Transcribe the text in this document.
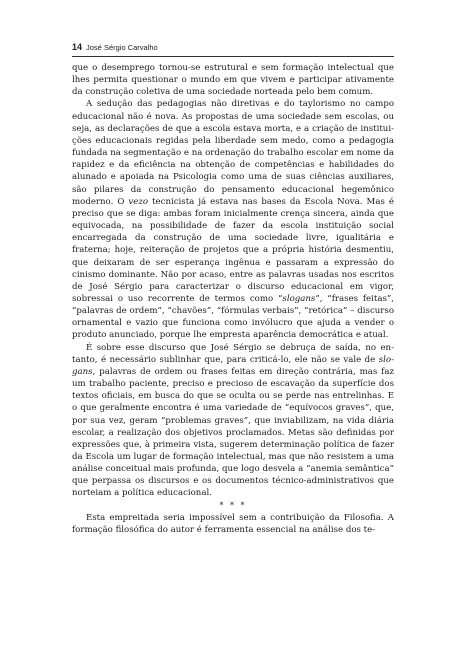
14 José Sérgio Carvalho

que o desemprego tornou-se estrutural e sem formação intelectual que lhes permita questionar o mundo em que vivem e participar ativamente da construção coletiva de uma sociedade norteada pelo bem comum.

A sedução das pedagogias não diretivas e do taylorismo no campo educacional não é nova. As propostas de uma sociedade sem escolas, ou seja, as declarações de que a escola estava morta, e a criação de instituições educacionais regidas pela liberdade sem medo, como a pedagogia fundada na segmentação e na ordenação do trabalho escolar em nome da rapidez e da eficiência na obtenção de competências e habilidades do alunado e apoiada na Psicologia como uma de suas ciências auxiliares, são pilares da construção do pensamento educacional hegemônico moderno. O vezo tecnicista já estava nas bases da Escola Nova. Mas é preciso que se diga: ambas foram inicialmente crença sincera, ainda que equivocada, na possibilidade de fazer da escola instituição social encarregada da construção de uma sociedade livre, igualitária e fraterna; hoje, reiteração de projetos que a própria história desmentiu, que deixaram de ser esperança ingênua e passaram a expressão do cinismo dominante. Não por acaso, entre as palavras usadas nos escritos de José Sérgio para caracterizar o discurso educacional em vigor, sobressai o uso recorrente de termos como “slogans”, “frases feitas”, “palavras de ordem”, “chavões”, “fórmulas verbais”, “retórica” – discurso ornamental e vazio que funciona como invólucro que ajuda a vender o produto anunciado, porque lhe empresta aparência democrática e atual.

É sobre esse discurso que José Sérgio se debruça de saída, no entanto, é necessário sublinhar que, para criticá-lo, ele não se vale de slogans, palavras de ordem ou frases feitas em direção contrária, mas faz um trabalho paciente, preciso e precioso de escavação da superfície dos textos oficiais, em busca do que se oculta ou se perde nas entrelinhas. E o que geralmente encontra é uma variedade de “equívocos graves”, que, por sua vez, geram “problemas graves”, que inviabilizam, na vida diária escolar, a realização dos objetivos proclamados. Metas são definidas por expressões que, à primeira vista, sugerem determinação política de fazer da Escola um lugar de formação intelectual, mas que não resistem a uma análise conceitual mais profunda, que logo desvela a “anemia semântica” que perpassa os discursos e os documentos técnico-administrativos que norteiam a política educacional.

* * *

Esta empreitada seria impossível sem a contribuição da Filosofia. A formação filosófica do autor é ferramenta essencial na análise dos te-
